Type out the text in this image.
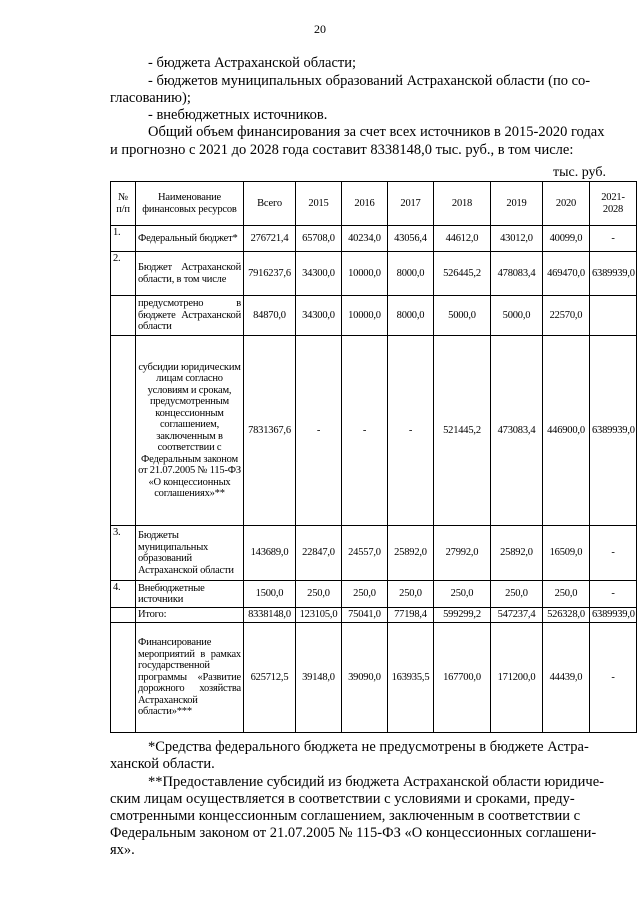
20
- бюджета Астраханской области;
- бюджетов муниципальных образований Астраханской области (по со-
гласованию);
- внебюджетных источников.
Общий объем финансирования за счет всех источников в 2015-2020 годах
и прогнозно с 2021 до 2028 года составит 8338148,0 тыс. руб., в том числе:
тыс. руб.
№ п/п	Наименование финансовых ресурсов	Всего	2015	2016	2017	2018	2019	2020	2021-2028
1.	Федеральный бюджет*	276721,4	65708,0	40234,0	43056,4	44612,0	43012,0	40099,0	-
2.	Бюджет Астраханской области, в том числе	7916237,6	34300,0	10000,0	8000,0	526445,2	478083,4	469470,0	6389939,0
	предусмотрено в бюджете Астраханской области	84870,0	34300,0	10000,0	8000,0	5000,0	5000,0	22570,0	
	субсидии юридическим лицам согласно условиям и срокам, предусмотренным концессионным соглашением, заключенным в соответствии с Федеральным законом от 21.07.2005 № 115-ФЗ «О концессионных соглашениях»**	7831367,6	-	-	-	521445,2	473083,4	446900,0	6389939,0
3.	Бюджеты муниципальных образований Астраханской области	143689,0	22847,0	24557,0	25892,0	27992,0	25892,0	16509,0	-
4.	Внебюджетные источники	1500,0	250,0	250,0	250,0	250,0	250,0	250,0	-
	Итого:	8338148,0	123105,0	75041,0	77198,4	599299,2	547237,4	526328,0	6389939,0
	Финансирование мероприятий в рамках государственной программы «Развитие дорожного хозяйства Астраханской области»***	625712,5	39148,0	39090,0	163935,5	167700,0	171200,0	44439,0	-
*Средства федерального бюджета не предусмотрены в бюджете Астра-
ханской области.
**Предоставление субсидий из бюджета Астраханской области юридиче-
ским лицам осуществляется в соответствии с условиями и сроками, преду-
смотренными концессионным соглашением, заключенным в соответствии с
Федеральным законом от 21.07.2005 № 115-ФЗ «О концессионных соглашени-
ях».
